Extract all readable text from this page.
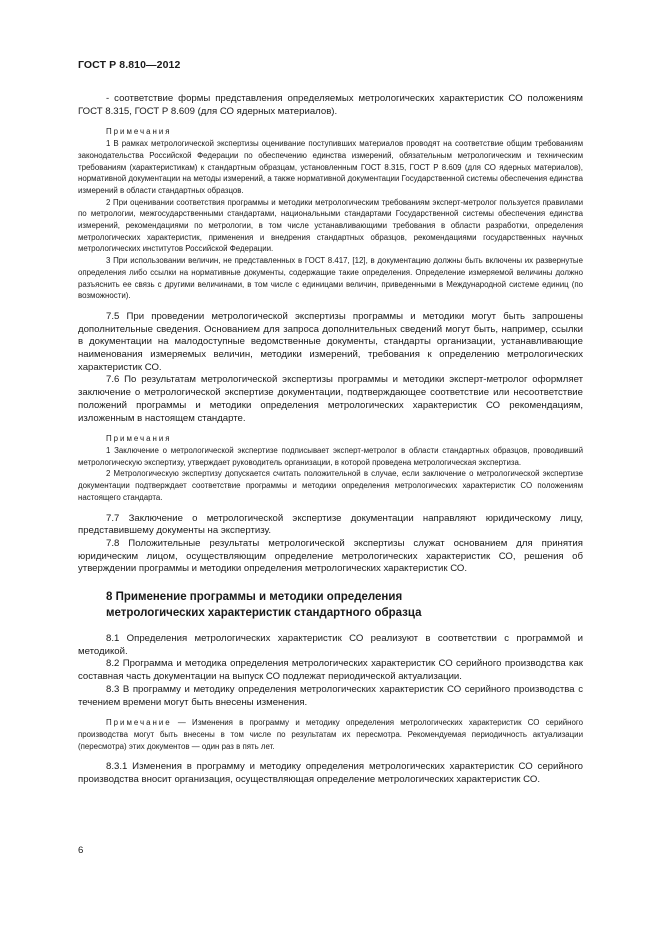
ГОСТ Р 8.810—2012

- соответствие формы представления определяемых метрологических характеристик СО положениям ГОСТ 8.315, ГОСТ Р 8.609 (для СО ядерных материалов).

Примечания

1 В рамках метрологической экспертизы оценивание поступивших материалов проводят на соответствие общим требованиям законодательства Российской Федерации по обеспечению единства измерений, обязательным метрологическим и техническим требованиям (характеристикам) к стандартным образцам, установленным ГОСТ 8.315, ГОСТ Р 8.609 (для СО ядерных материалов), нормативной документации на методы измерений, а также нормативной документации Государственной системы обеспечения единства измерений в области стандартных образцов.

2 При оценивании соответствия программы и методики метрологическим требованиям эксперт-метролог пользуется правилами по метрологии, межгосударственными стандартами, национальными стандартами Государственной системы обеспечения единства измерений, рекомендациями по метрологии, в том числе устанавливающими требования в области разработки, определения метрологических характеристик, применения и внедрения стандартных образцов, рекомендациями государственных научных метрологических институтов Российской Федерации.

3 При использовании величин, не представленных в ГОСТ 8.417, [12], в документацию должны быть включены их развернутые определения либо ссылки на нормативные документы, содержащие такие определения. Определение измеряемой величины должно разъяснить ее связь с другими величинами, в том числе с единицами величин, приведенными в Международной системе единиц (по возможности).

7.5 При проведении метрологической экспертизы программы и методики могут быть запрошены дополнительные сведения. Основанием для запроса дополнительных сведений могут быть, например, ссылки в документации на малодоступные ведомственные документы, стандарты организации, устанавливающие наименования измеряемых величин, методики измерений, требования к определению метрологических характеристик СО.

7.6 По результатам метрологической экспертизы программы и методики эксперт-метролог оформляет заключение о метрологической экспертизе документации, подтверждающее соответствие или несоответствие положений программы и методики определения метрологических характеристик СО рекомендациям, изложенным в настоящем стандарте.

Примечания

1 Заключение о метрологической экспертизе подписывает эксперт-метролог в области стандартных образцов, проводивший метрологическую экспертизу, утверждает руководитель организации, в которой проведена метрологическая экспертиза.

2 Метрологическую экспертизу допускается считать положительной в случае, если заключение о метрологической экспертизе документации подтверждает соответствие программы и методики определения метрологических характеристик СО положениям настоящего стандарта.

7.7 Заключение о метрологической экспертизе документации направляют юридическому лицу, представившему документы на экспертизу.

7.8 Положительные результаты метрологической экспертизы служат основанием для принятия юридическим лицом, осуществляющим определение метрологических характеристик СО, решения об утверждении программы и методики определения метрологических характеристик СО.

8 Применение программы и методики определения
метрологических характеристик стандартного образца

8.1 Определения метрологических характеристик СО реализуют в соответствии с программой и методикой.

8.2 Программа и методика определения метрологических характеристик СО серийного производства как составная часть документации на выпуск СО подлежат периодической актуализации.

8.3 В программу и методику определения метрологических характеристик СО серийного производства с течением времени могут быть внесены изменения.

Примечание — Изменения в программу и методику определения метрологических характеристик СО серийного производства могут быть внесены в том числе по результатам их пересмотра. Рекомендуемая периодичность актуализации (пересмотра) этих документов — один раз в пять лет.

8.3.1 Изменения в программу и методику определения метрологических характеристик СО серийного производства вносит организация, осуществляющая определение метрологических характеристик СО.

6
